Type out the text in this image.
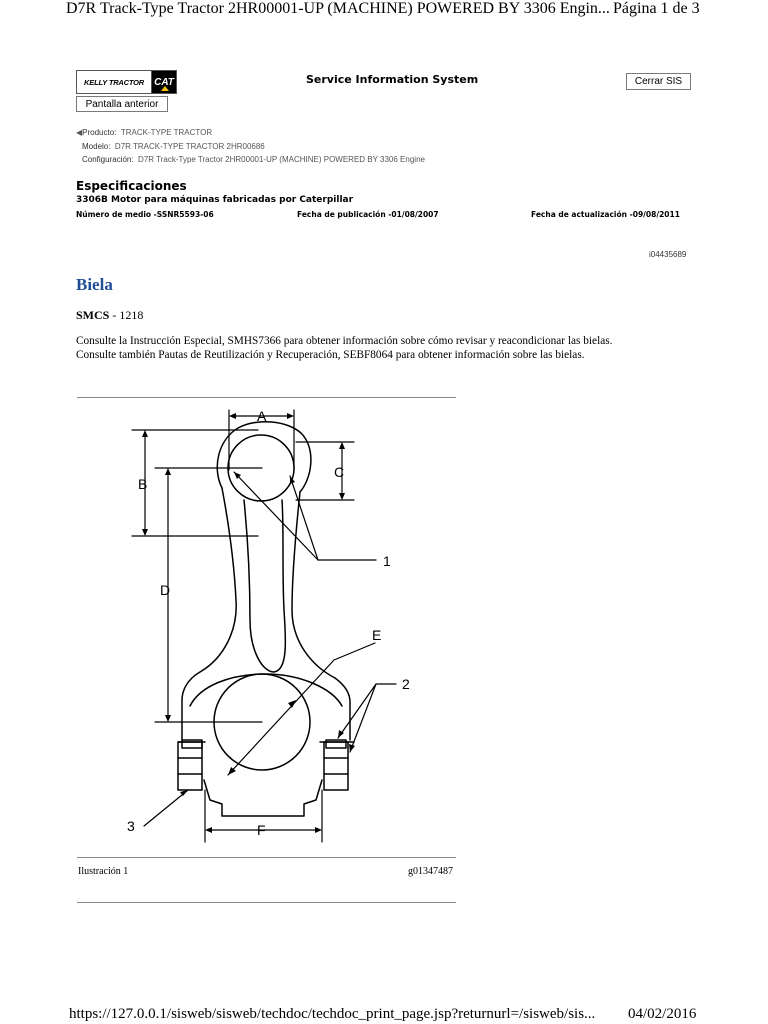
D7R Track-Type Tractor 2HR00001-UP (MACHINE) POWERED BY 3306 Engin... Página 1 de 3
KELLY TRACTOR	CAT	Service Information System	Cerrar SIS
Pantalla anterior
◀Producto: TRACK-TYPE TRACTOR
Modelo: D7R TRACK-TYPE TRACTOR 2HR00686
Configuración: D7R Track-Type Tractor 2HR00001-UP (MACHINE) POWERED BY 3306 Engine
Especificaciones
3306B Motor para máquinas fabricadas por Caterpillar
Número de medio -SSNR5593-06	Fecha de publicación -01/08/2007	Fecha de actualización -09/08/2011
i04435689
Biela
SMCS - 1218
Consulte la Instrucción Especial, SMHS7366 para obtener información sobre cómo revisar y reacondicionar las bielas.
Consulte también Pautas de Reutilización y Recuperación, SEBF8064 para obtener información sobre las bielas.
A
B
C
D
E
F
1
2
3
Ilustración 1	g01347487
https://127.0.0.1/sisweb/sisweb/techdoc/techdoc_print_page.jsp?returnurl=/sisweb/sis... 04/02/2016
